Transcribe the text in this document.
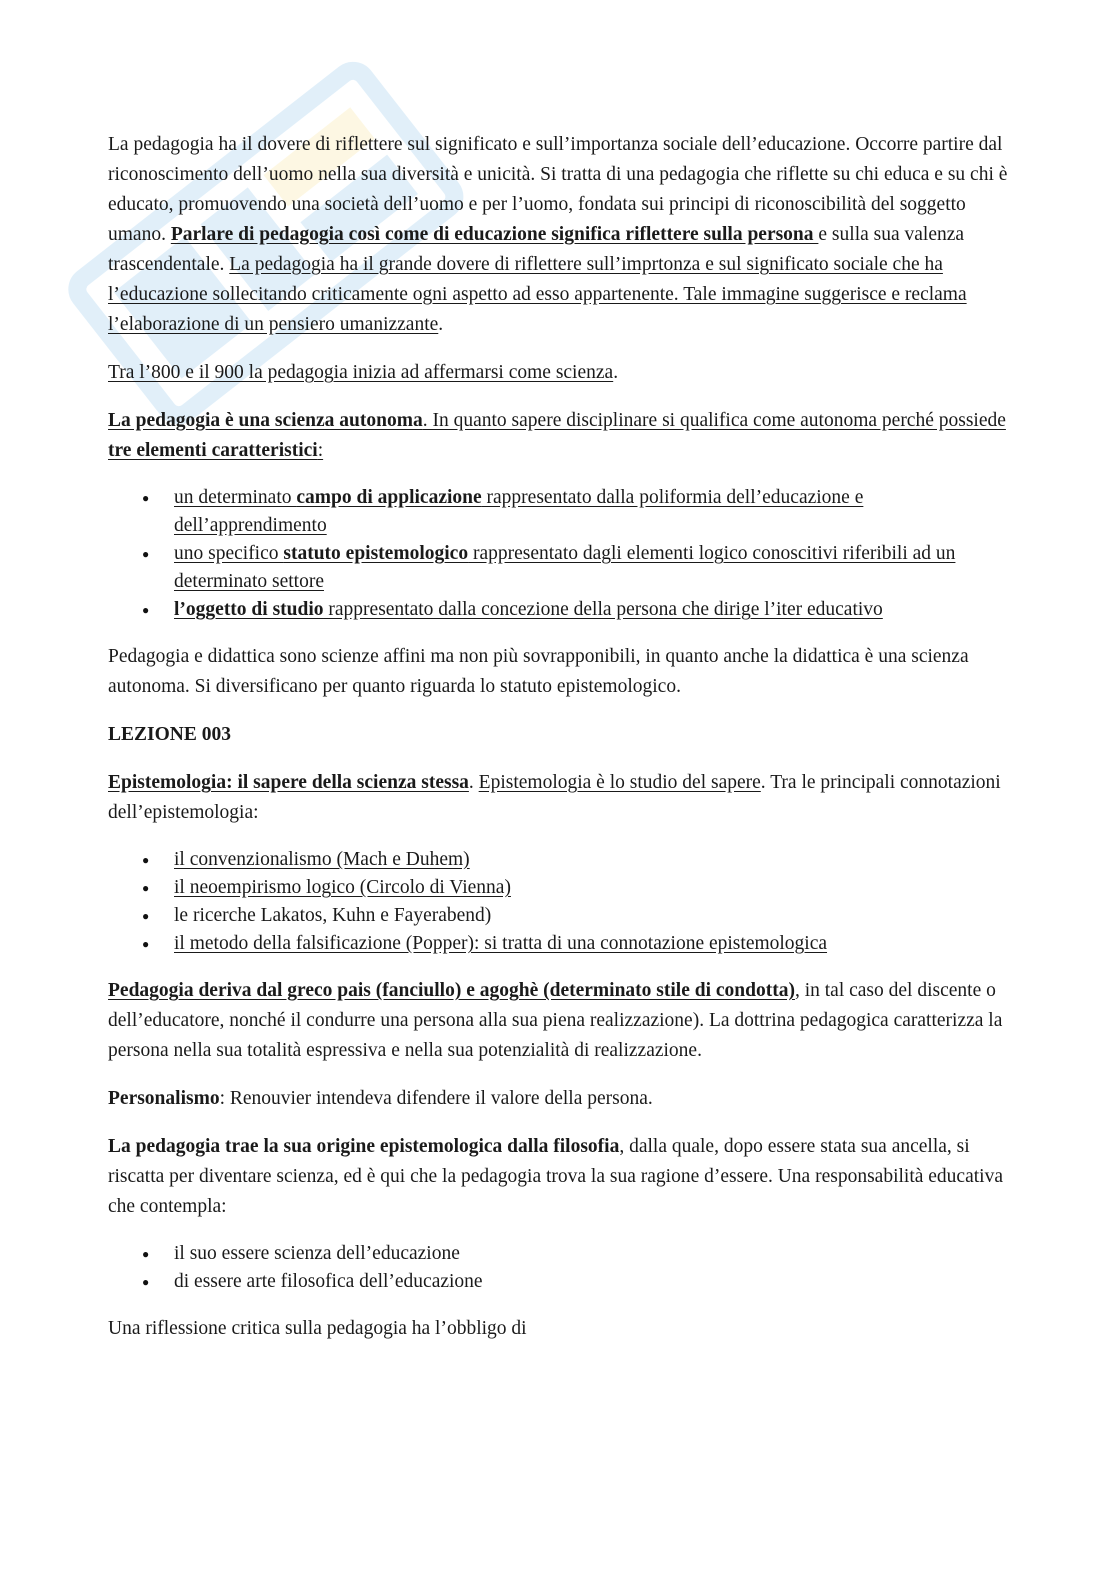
La pedagogia ha il dovere di riflettere sul significato e sull’importanza sociale dell’educazione. Occorre partire dal riconoscimento dell’uomo nella sua diversità e unicità. Si tratta di una pedagogia che riflette su chi educa e su chi è educato, promuovendo una società dell’uomo e per l’uomo, fondata sui principi di riconoscibilità del soggetto umano. Parlare di pedagogia così come di educazione significa riflettere sulla persona e sulla sua valenza trascendentale. La pedagogia ha il grande dovere di riflettere sull’imprtonza e sul significato sociale che ha l’educazione sollecitando criticamente ogni aspetto ad esso appartenente. Tale immagine suggerisce e reclama l’elaborazione di un pensiero umanizzante.

Tra l’800 e il 900 la pedagogia inizia ad affermarsi come scienza.

La pedagogia è una scienza autonoma. In quanto sapere disciplinare si qualifica come autonoma perché possiede tre elementi caratteristici:

● un determinato campo di applicazione rappresentato dalla poliformia dell’educazione e dell’apprendimento
● uno specifico statuto epistemologico rappresentato dagli elementi logico conoscitivi riferibili ad un determinato settore
● l’oggetto di studio rappresentato dalla concezione della persona che dirige l’iter educativo

Pedagogia e didattica sono scienze affini ma non più sovrapponibili, in quanto anche la didattica è una scienza autonoma. Si diversificano per quanto riguarda lo statuto epistemologico.

LEZIONE 003

Epistemologia: il sapere della scienza stessa. Epistemologia è lo studio del sapere. Tra le principali connotazioni dell’epistemologia:

● il convenzionalismo (Mach e Duhem)
● il neoempirismo logico (Circolo di Vienna)
● le ricerche Lakatos, Kuhn e Fayerabend)
● il metodo della falsificazione (Popper): si tratta di una connotazione epistemologica

Pedagogia deriva dal greco pais (fanciullo) e agoghè (determinato stile di condotta), in tal caso del discente o dell’educatore, nonché il condurre una persona alla sua piena realizzazione). La dottrina pedagogica caratterizza la persona nella sua totalità espressiva e nella sua potenzialità di realizzazione.

Personalismo: Renouvier intendeva difendere il valore della persona.

La pedagogia trae la sua origine epistemologica dalla filosofia, dalla quale, dopo essere stata sua ancella, si riscatta per diventare scienza, ed è qui che la pedagogia trova la sua ragione d’essere. Una responsabilità educativa che contempla:

● il suo essere scienza dell’educazione
● di essere arte filosofica dell’educazione

Una riflessione critica sulla pedagogia ha l’obbligo di
